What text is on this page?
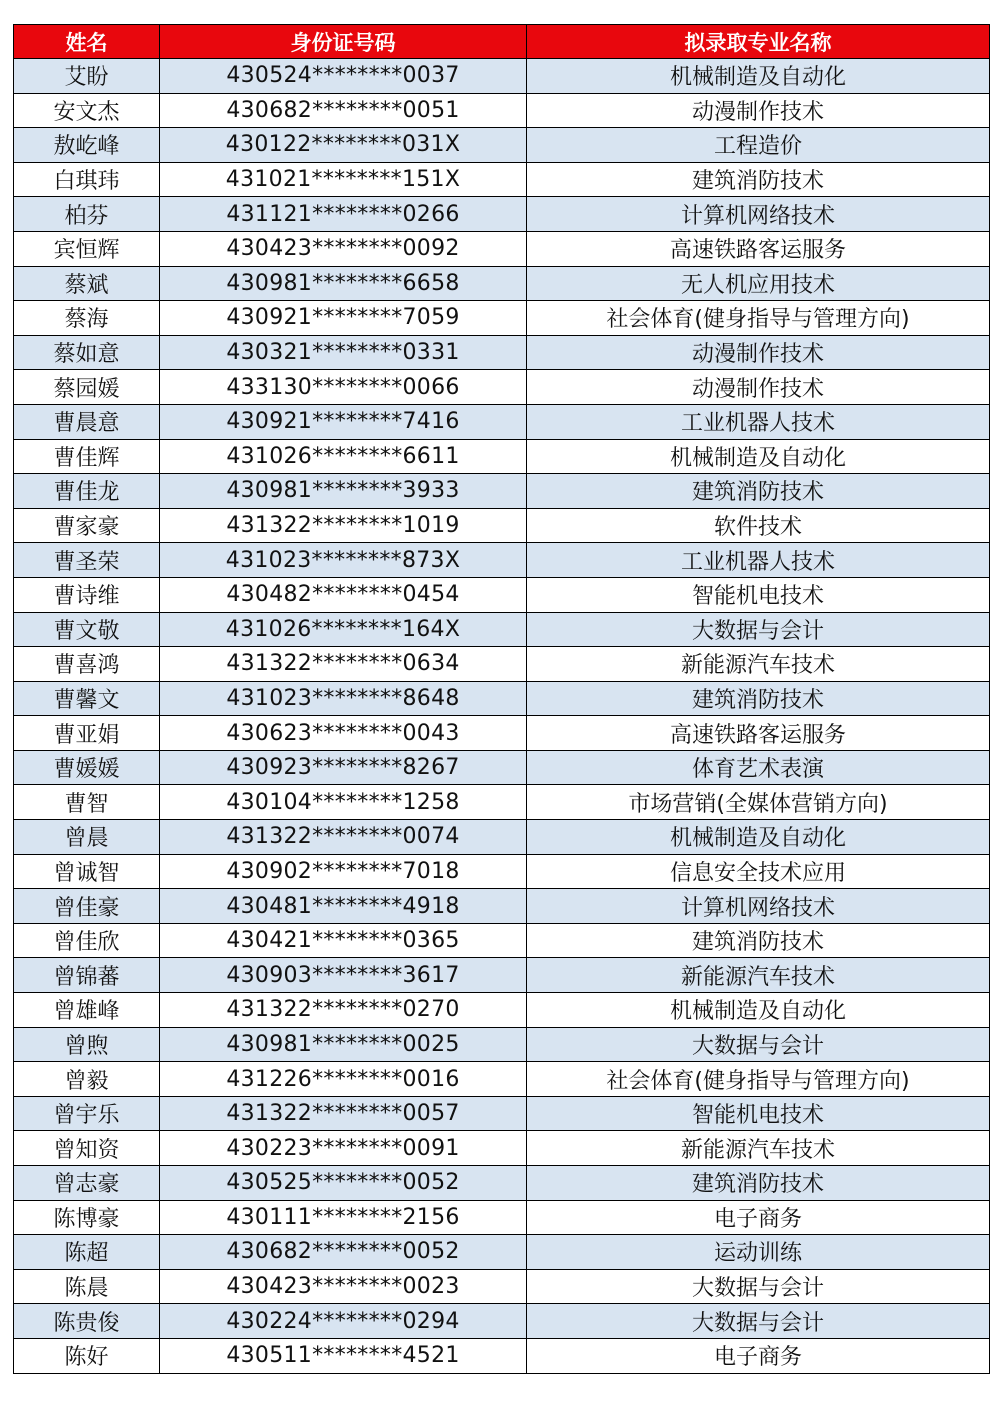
姓名	身份证号码	拟录取专业名称
艾盼	430524********0037	机械制造及自动化
安文杰	430682********0051	动漫制作技术
敖屹峰	430122********031X	工程造价
白琪玮	431021********151X	建筑消防技术
柏芬	431121********0266	计算机网络技术
宾恒辉	430423********0092	高速铁路客运服务
蔡斌	430981********6658	无人机应用技术
蔡海	430921********7059	社会体育(健身指导与管理方向)
蔡如意	430321********0331	动漫制作技术
蔡园媛	433130********0066	动漫制作技术
曹晨意	430921********7416	工业机器人技术
曹佳辉	431026********6611	机械制造及自动化
曹佳龙	430981********3933	建筑消防技术
曹家豪	431322********1019	软件技术
曹圣荣	431023********873X	工业机器人技术
曹诗维	430482********0454	智能机电技术
曹文敬	431026********164X	大数据与会计
曹喜鸿	431322********0634	新能源汽车技术
曹馨文	431023********8648	建筑消防技术
曹亚娟	430623********0043	高速铁路客运服务
曹媛媛	430923********8267	体育艺术表演
曹智	430104********1258	市场营销(全媒体营销方向)
曾晨	431322********0074	机械制造及自动化
曾诚智	430902********7018	信息安全技术应用
曾佳豪	430481********4918	计算机网络技术
曾佳欣	430421********0365	建筑消防技术
曾锦蕃	430903********3617	新能源汽车技术
曾雄峰	431322********0270	机械制造及自动化
曾煦	430981********0025	大数据与会计
曾毅	431226********0016	社会体育(健身指导与管理方向)
曾宇乐	431322********0057	智能机电技术
曾知资	430223********0091	新能源汽车技术
曾志豪	430525********0052	建筑消防技术
陈博豪	430111********2156	电子商务
陈超	430682********0052	运动训练
陈晨	430423********0023	大数据与会计
陈贵俊	430224********0294	大数据与会计
陈好	430511********4521	电子商务
